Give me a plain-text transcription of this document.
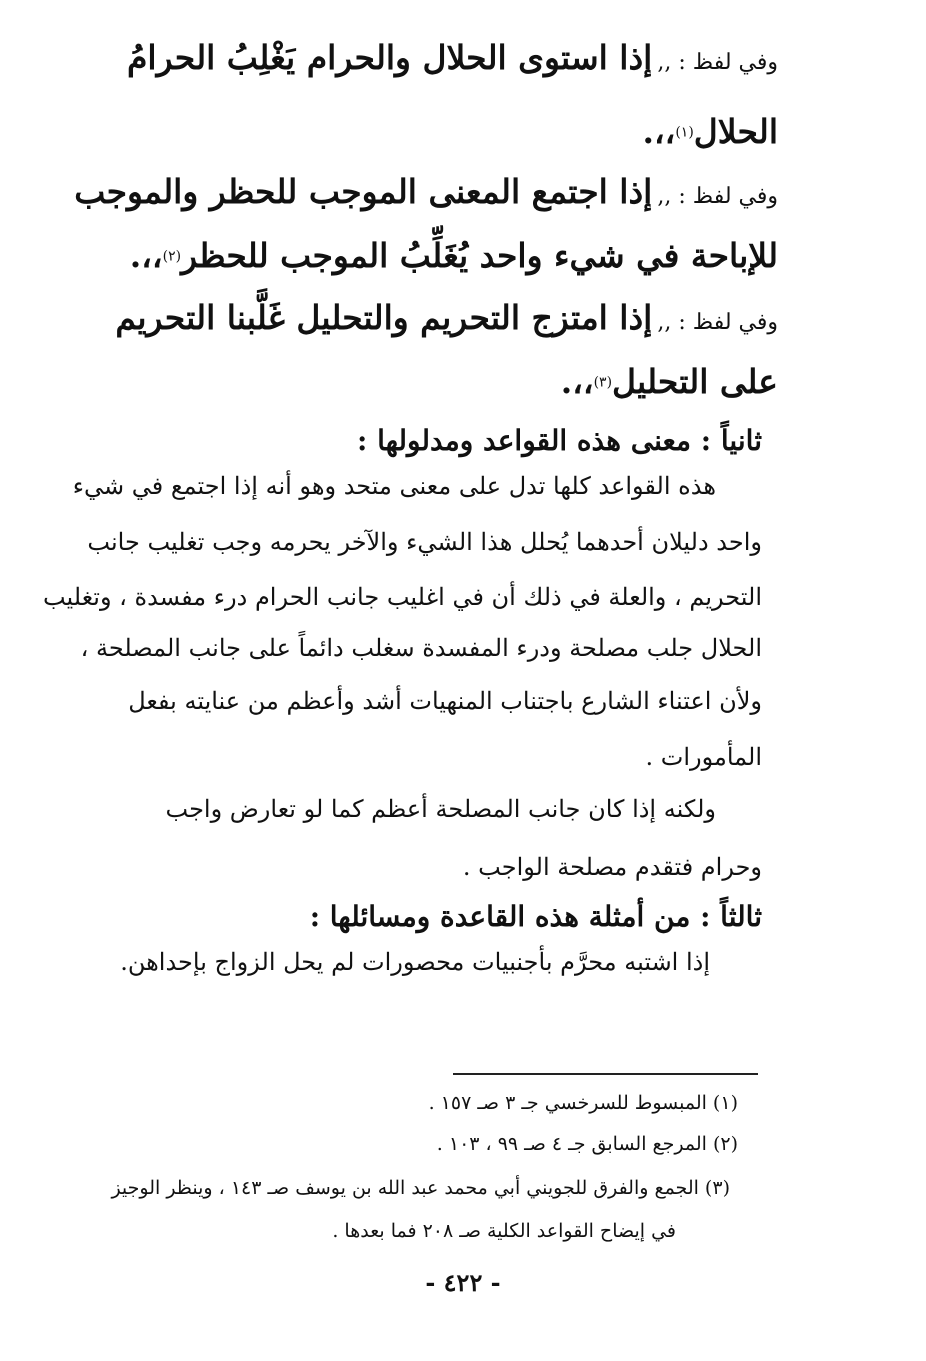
وفي لفظ : ,, إذا استوى الحلال والحرام يَغْلِبُ الحرامُ
الحلال$^{(١)}$،،.
وفي لفظ : ,, إذا اجتمع المعنى الموجب للحظر والموجب
للإباحة في شيء واحد يُغَلِّبُ الموجب للحظر$^{(٢)}$،،.
وفي لفظ : ,, إذا امتزج التحريم والتحليل غَلَّبنا التحريم
على التحليل$^{(٣)}$،،.
ثانياً : معنى هذه القواعد ومدلولها :
هذه القواعد كلها تدل على معنى متحد وهو أنه إذا اجتمع في شيء
واحد دليلان أحدهما يُحلل هذا الشيء والآخر يحرمه وجب تغليب جانب
التحريم ، والعلة في ذلك أن في اغليب جانب الحرام درء مفسدة ، وتغليب
الحلال جلب مصلحة ودرء المفسدة سغلب دائماً على جانب المصلحة ،
ولأن اعتناء الشارع باجتناب المنهيات أشد وأعظم من عنايته بفعل
المأمورات .
ولكنه إذا كان جانب المصلحة أعظم كما لو تعارض واجب
وحرام فتقدم مصلحة الواجب .
ثالثاً : من أمثلة هذه القاعدة ومسائلها :
إذا اشتبه محرَّم بأجنبيات محصورات لم يحل الزواج بإحداهن.
(١) المبسوط للسرخسي جـ ٣ صـ ١٥٧ .
(٢) المرجع السابق جـ ٤ صـ ٩٩ ، ١٠٣ .
(٣) الجمع والفرق للجويني أبي محمد عبد الله بن يوسف صـ ١٤٣ ، وينظر الوجيز
في إيضاح القواعد الكلية صـ ٢٠٨ فما بعدها .
- ٤٢٢ -
